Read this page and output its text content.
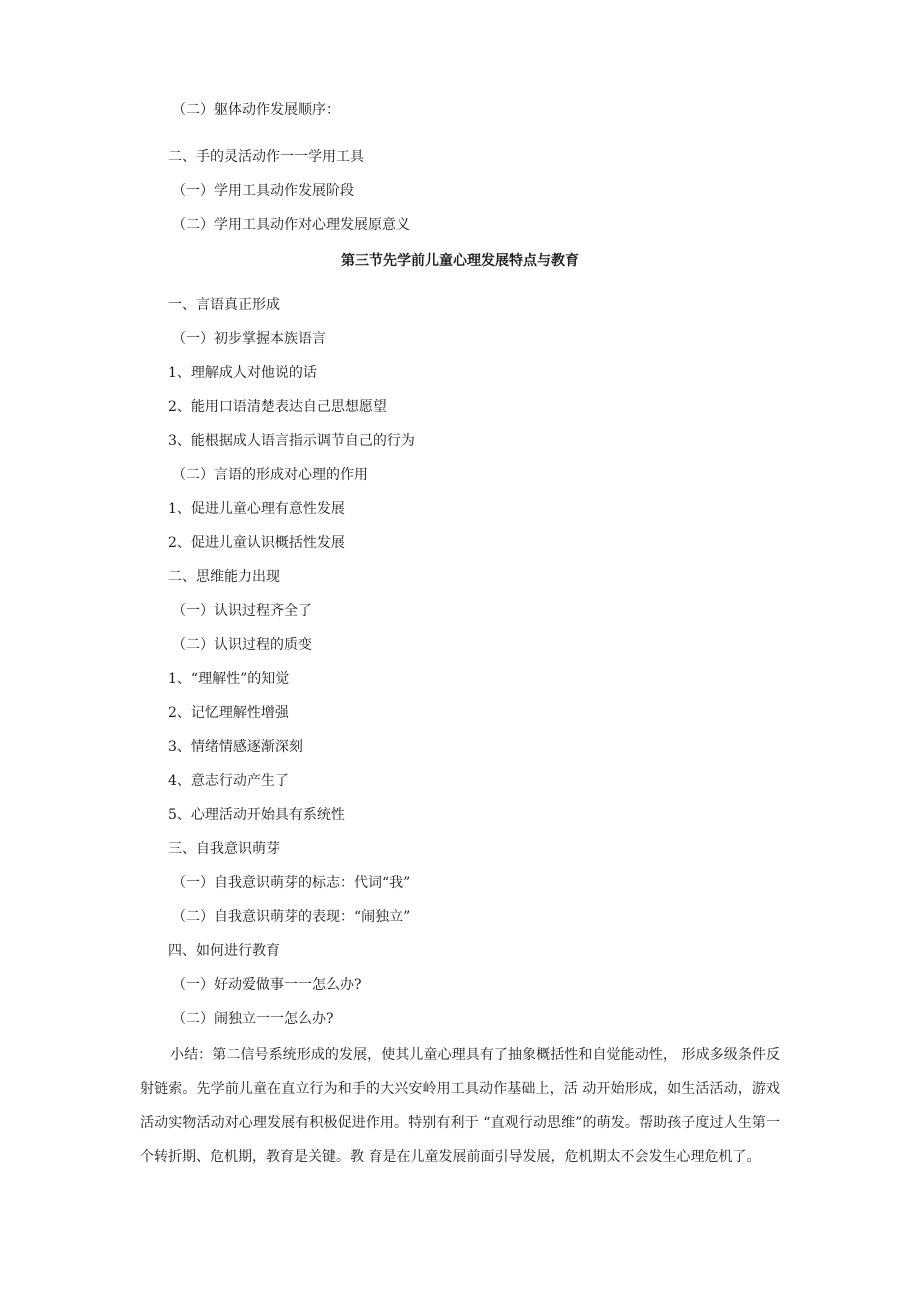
（二）躯体动作发展顺序：
二、手的灵活动作一一学用工具
（一）学用工具动作发展阶段
（二）学用工具动作对心理发展原意义
第三节先学前儿童心理发展特点与教育
一、言语真正形成
（一）初步掌握本族语言
1、理解成人对他说的话
2、能用口语清楚表达自己思想愿望
3、能根据成人语言指示调节自己的行为
（二）言语的形成对心理的作用
1、促进儿童心理有意性发展
2、促进儿童认识概括性发展
二、思维能力出现
（一）认识过程齐全了
（二）认识过程的质变
1、“理解性”的知觉
2、记忆理解性增强
3、情绪情感逐渐深刻
4、意志行动产生了
5、心理活动开始具有系统性
三、自我意识萌芽
（一）自我意识萌芽的标志：代词“我”
（二）自我意识萌芽的表现：“闹独立”
四、如何进行教育
（一）好动爱做事一一怎么办?
（二）闹独立一一怎么办?

小结：第二信号系统形成的发展，使其儿童心理具有了抽象概括性和自觉能动性， 形成多级条件反射链索。先学前儿童在直立行为和手的大兴安岭用工具动作基础上，活 动开始形成，如生活活动，游戏活动实物活动对心理发展有积极促进作用。特别有利于 “直观行动思维”的萌发。帮助孩子度过人生第一个转折期、危机期，教育是关键。教 育是在儿童发展前面引导发展，危机期太不会发生心理危机了。
